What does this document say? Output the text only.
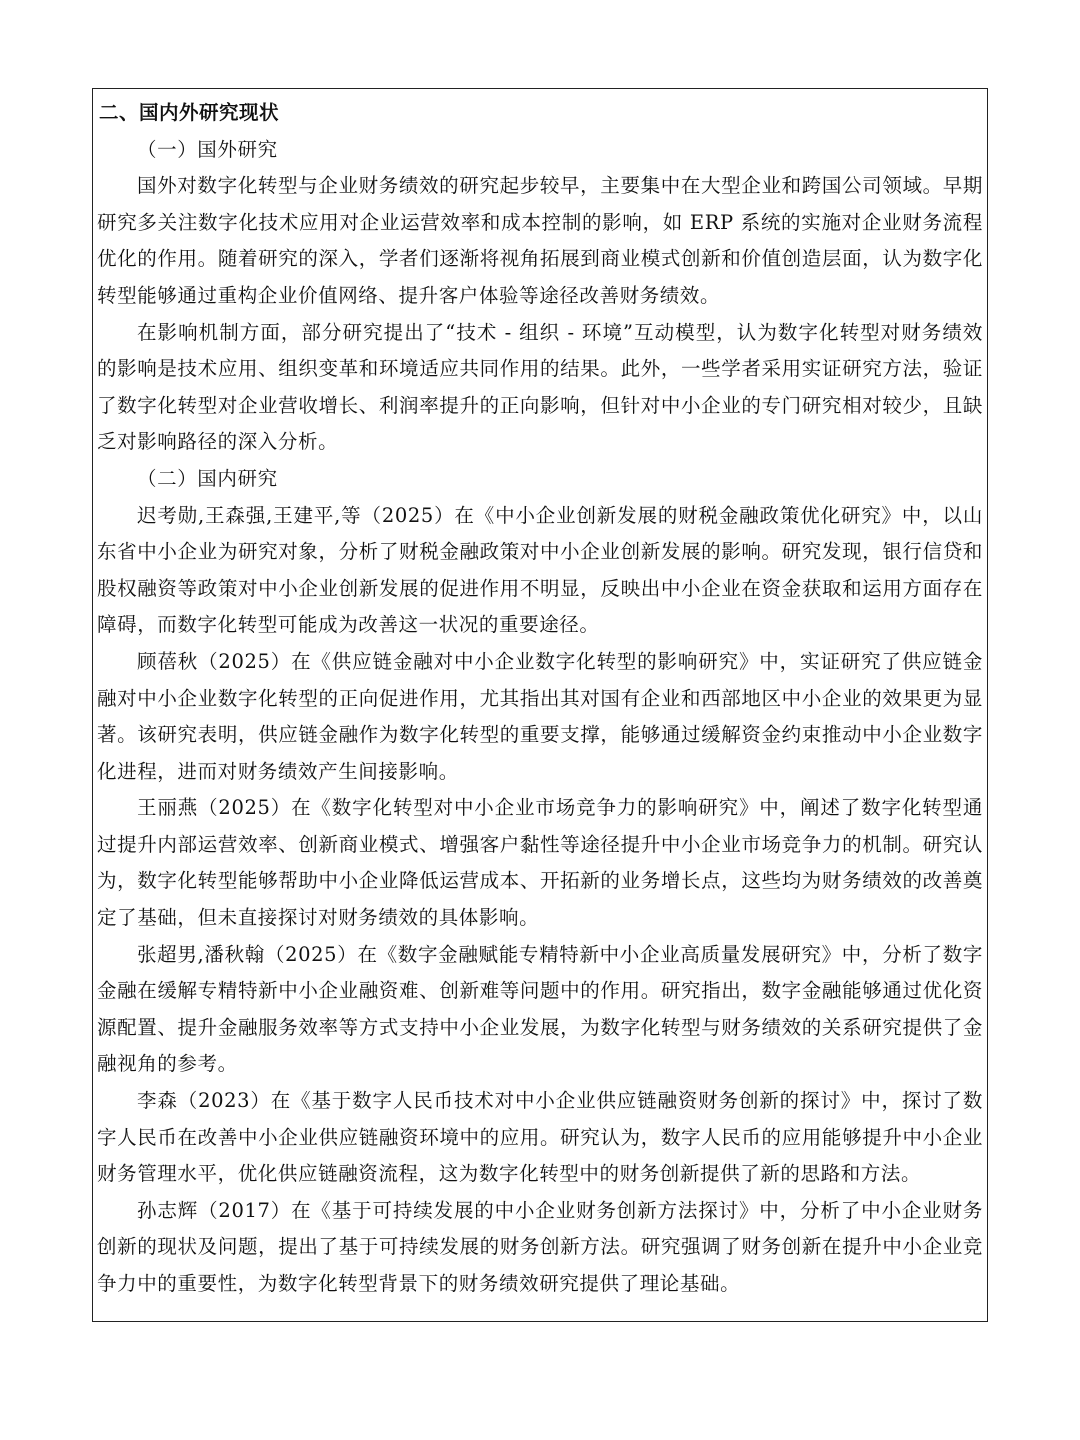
二、国内外研究现状

（一）国外研究

国外对数字化转型与企业财务绩效的研究起步较早，主要集中在大型企业和跨国公司领域。早期研究多关注数字化技术应用对企业运营效率和成本控制的影响，如 ERP 系统的实施对企业财务流程优化的作用。随着研究的深入，学者们逐渐将视角拓展到商业模式创新和价值创造层面，认为数字化转型能够通过重构企业价值网络、提升客户体验等途径改善财务绩效。

在影响机制方面，部分研究提出了“技术 - 组织 - 环境”互动模型，认为数字化转型对财务绩效的影响是技术应用、组织变革和环境适应共同作用的结果。此外，一些学者采用实证研究方法，验证了数字化转型对企业营收增长、利润率提升的正向影响，但针对中小企业的专门研究相对较少，且缺乏对影响路径的深入分析。

（二）国内研究

迟考勋,王森强,王建平,等（2025）在《中小企业创新发展的财税金融政策优化研究》中，以山东省中小企业为研究对象，分析了财税金融政策对中小企业创新发展的影响。研究发现，银行信贷和股权融资等政策对中小企业创新发展的促进作用不明显，反映出中小企业在资金获取和运用方面存在障碍，而数字化转型可能成为改善这一状况的重要途径。

顾蓓秋（2025）在《供应链金融对中小企业数字化转型的影响研究》中，实证研究了供应链金融对中小企业数字化转型的正向促进作用，尤其指出其对国有企业和西部地区中小企业的效果更为显著。该研究表明，供应链金融作为数字化转型的重要支撑，能够通过缓解资金约束推动中小企业数字化进程，进而对财务绩效产生间接影响。

王丽燕（2025）在《数字化转型对中小企业市场竞争力的影响研究》中，阐述了数字化转型通过提升内部运营效率、创新商业模式、增强客户黏性等途径提升中小企业市场竞争力的机制。研究认为，数字化转型能够帮助中小企业降低运营成本、开拓新的业务增长点，这些均为财务绩效的改善奠定了基础，但未直接探讨对财务绩效的具体影响。

张超男,潘秋翰（2025）在《数字金融赋能专精特新中小企业高质量发展研究》中，分析了数字金融在缓解专精特新中小企业融资难、创新难等问题中的作用。研究指出，数字金融能够通过优化资源配置、提升金融服务效率等方式支持中小企业发展，为数字化转型与财务绩效的关系研究提供了金融视角的参考。

李森（2023）在《基于数字人民币技术对中小企业供应链融资财务创新的探讨》中，探讨了数字人民币在改善中小企业供应链融资环境中的应用。研究认为，数字人民币的应用能够提升中小企业财务管理水平，优化供应链融资流程，这为数字化转型中的财务创新提供了新的思路和方法。

孙志辉（2017）在《基于可持续发展的中小企业财务创新方法探讨》中，分析了中小企业财务创新的现状及问题，提出了基于可持续发展的财务创新方法。研究强调了财务创新在提升中小企业竞争力中的重要性，为数字化转型背景下的财务绩效研究提供了理论基础。
